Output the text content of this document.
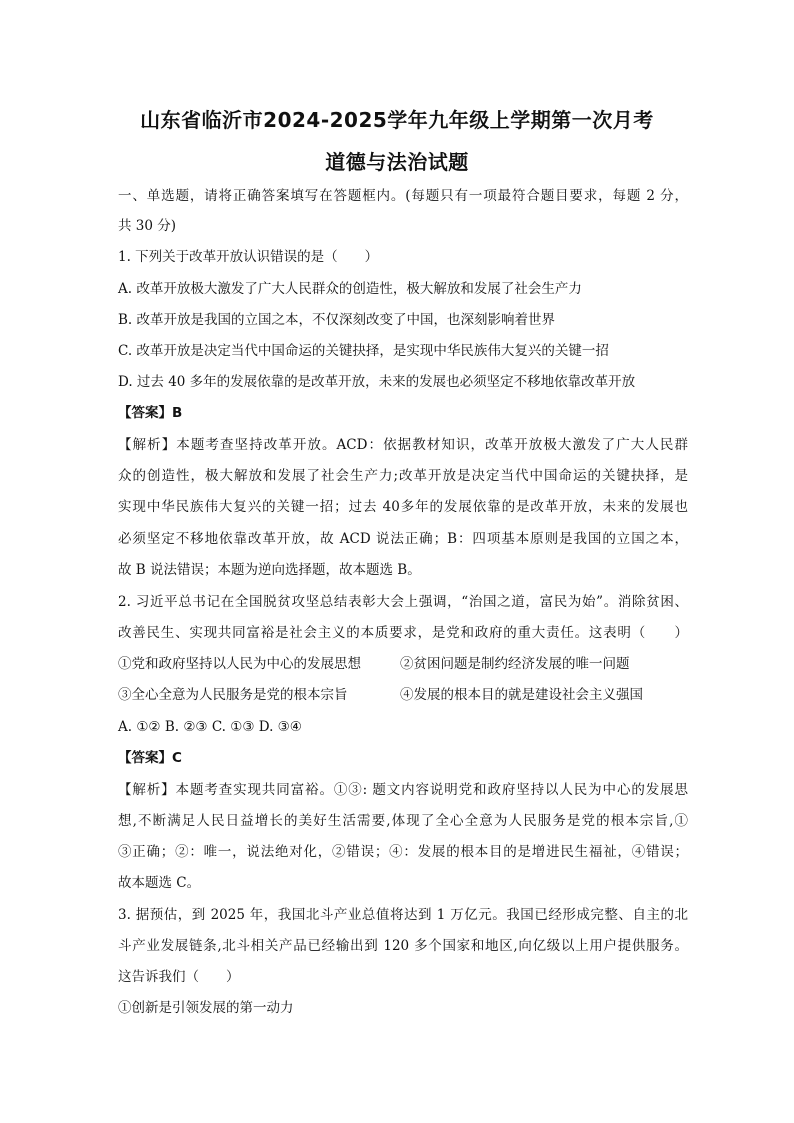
山东省临沂市2024-2025学年九年级上学期第一次月考
道德与法治试题
一、单选题，请将正确答案填写在答题框内。(每题只有一项最符合题目要求，每题 2 分，
共 30 分)
1. 下列关于改革开放认识错误的是（　　）
A. 改革开放极大激发了广大人民群众的创造性，极大解放和发展了社会生产力
B. 改革开放是我国的立国之本，不仅深刻改变了中国，也深刻影响着世界
C. 改革开放是决定当代中国命运的关键抉择，是实现中华民族伟大复兴的关键一招
D. 过去 40 多年的发展依靠的是改革开放，未来的发展也必须坚定不移地依靠改革开放
【答案】B
【解析】本题考查坚持改革开放。ACD：依据教材知识，改革开放极大激发了广大人民群
众的创造性，极大解放和发展了社会生产力;改革开放是决定当代中国命运的关键抉择，是
实现中华民族伟大复兴的关键一招；过去 40多年的发展依靠的是改革开放，未来的发展也
必须坚定不移地依靠改革开放，故 ACD 说法正确；B：四项基本原则是我国的立国之本，
故 B 说法错误；本题为逆向选择题，故本题选 B。
2. 习近平总书记在全国脱贫攻坚总结表彰大会上强调，“治国之道，富民为始”。消除贫困、
改善民生、实现共同富裕是社会主义的本质要求，是党和政府的重大责任。这表明（　　）
①党和政府坚持以人民为中心的发展思想	②贫困问题是制约经济发展的唯一问题
③全心全意为人民服务是党的根本宗旨	④发展的根本目的就是建设社会主义强国
A. ①② B. ②③ C. ①③ D. ③④
【答案】C
【解析】本题考查实现共同富裕。①③: 题文内容说明党和政府坚持以人民为中心的发展思
想,不断满足人民日益增长的美好生活需要,体现了全心全意为人民服务是党的根本宗旨,①
③正确；②：唯一，说法绝对化，②错误；④：发展的根本目的是增进民生福祉，④错误；
故本题选 C。
3. 据预估，到 2025 年，我国北斗产业总值将达到 1 万亿元。我国已经形成完整、自主的北
斗产业发展链条,北斗相关产品已经输出到 120 多个国家和地区,向亿级以上用户提供服务。
这告诉我们（　　）
①创新是引领发展的第一动力
